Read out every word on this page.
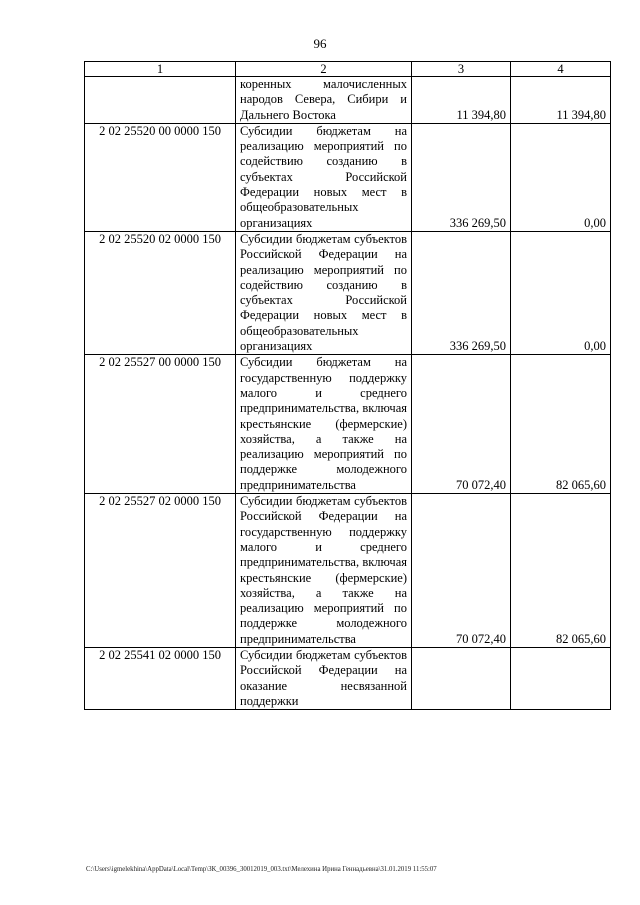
96
1	2	3	4
	коренных малочисленных народов Севера, Сибири и Дальнего Востока	11 394,80	11 394,80
2 02 25520 00 0000 150	Субсидии бюджетам на реализацию мероприятий по содействию созданию в субъектах Российской Федерации новых мест в общеобразовательных организациях	336 269,50	0,00
2 02 25520 02 0000 150	Субсидии бюджетам субъектов Российской Федерации на реализацию мероприятий по содействию созданию в субъектах Российской Федерации новых мест в общеобразовательных организациях	336 269,50	0,00
2 02 25527 00 0000 150	Субсидии бюджетам на государственную поддержку малого и среднего предпринимательства, включая крестьянские (фермерские) хозяйства, а также на реализацию мероприятий по поддержке молодежного предпринимательства	70 072,40	82 065,60
2 02 25527 02 0000 150	Субсидии бюджетам субъектов Российской Федерации на государственную поддержку малого и среднего предпринимательства, включая крестьянские (фермерские) хозяйства, а также на реализацию мероприятий по поддержке молодежного предпринимательства	70 072,40	82 065,60
2 02 25541 02 0000 150	Субсидии бюджетам субъектов Российской Федерации на оказание несвязанной поддержки		
C:\Users\igmelekhina\AppData\Local\Temp\ЗК_00396_30012019_003.txt\Мелехина Ирина Геннадьевна\31.01.2019 11:55:07
